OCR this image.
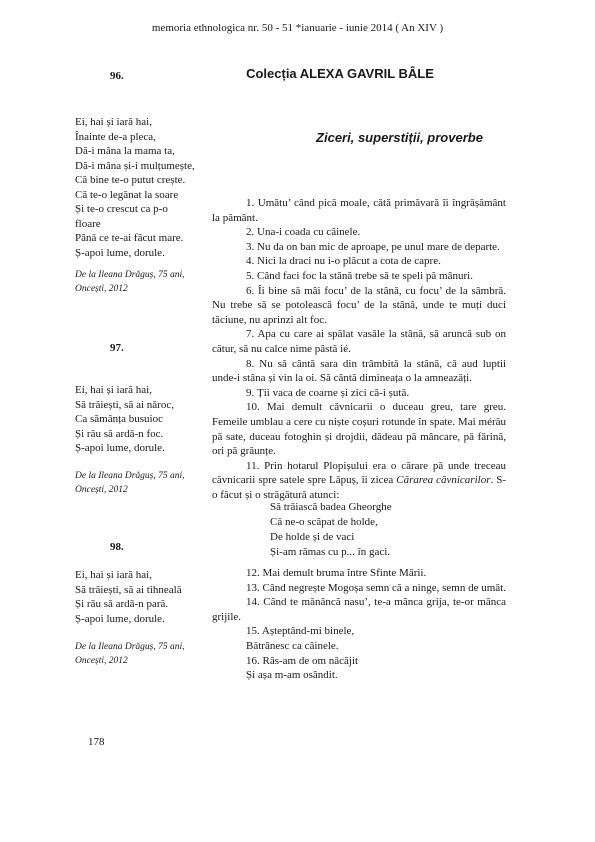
memoria ethnologica nr. 50 - 51 *ianuarie - iunie 2014 ( An XIV )
96.	Colecția ALEXA GAVRIL BÂLE
Ei, hai și iară hai,
Înainte de-a pleca,
Dă-i mâna la mama ta,
Dă-i mâna și-i mulțumește,
Că bine te-o putut crește.
Că te-o legănat la soare
Și te-o crescut ca p-o
floare
Până ce te-ai făcut mare.
Ș-apoi lume, dorule.
De la Ileana Drăguș, 75 ani,
Oncești, 2012
97.
Ei, hai și iară hai,
Să trăiești, să ai nărоc,
Ca sămânța busuioc
Și rău să ardă-n foc.
Ș-apoi lume, dorule.
De la Ileana Drăguș, 75 ani,
Oncești, 2012
98.
Ei, hai și iară hai,
Să trăiești, să ai tihnеală
Și rău să ardă-n pară.
Ș-apoi lume, dorule.
De la Ileana Drăguș, 75 ani,
Oncești, 2012
Ziceri, superstiții, proverbe

1. Umătu’ când pică moale, cătă primăvară îi îngrășământ la pământ.

2. Una-i coada cu câinele.

3. Nu da on ban mic de aproape, pe unul mare de departe.

4. Nici la draci nu i-o plăcut a cota de capre.

5. Când faci foc la stână trebe să te speli pă mânuri.

6. Îi bine să mâi focu’ de la stână, cu focu’ de la sâmbră. Nu trebe să se potolească focu’ de la stână, unde te muți duci tăciune, nu aprinzi alt foc.

7. Apa cu care ai spălat vasăle la stână, să aruncă sub on cătur, să nu calce nime pâstă ié.

8. Nu să cântă sara din trâmbită la stână, că aud luptii unde-i stâna și vin la oi. Să cântă dimineața o la amneazăți.

9. Ții vaca de coarne și zici că-i șută.

10. Mai demult căvnicarii o duceau greu, tare greu. Femeile umblau a cere cu niște coșuri rotunde în spate. Mai mérău pă sate, duceau fotoghin și drojdii, dădeau pă mâncare, pă fărină, ori pă grăunțe.

11. Prin hotarul Plopișului era o cărare pă unde treceau căvnicarii spre satele spre Lăpuș, îi zicea Cărarea căvnicarilor. S-o făcut și o străgătură atunci:

Să trăiască badea Gheorghe
Că ne-o scăpat de holde,
De holde și de vaci
Și-am rămas cu p... în gaci.

12. Mai demult bruma între Sfinte Mării.

13. Când negrește Mogoșa semn că a ninge, semn de umăt.

14. Când te mănâncă nasu’, te-a mânca grija, te-or mânca grijile.

15. Așteptând-mi binele,

Bătrânesc ca câinele.

16. Râs-am de om năcăjit

Și așa m-am osândit.

178
